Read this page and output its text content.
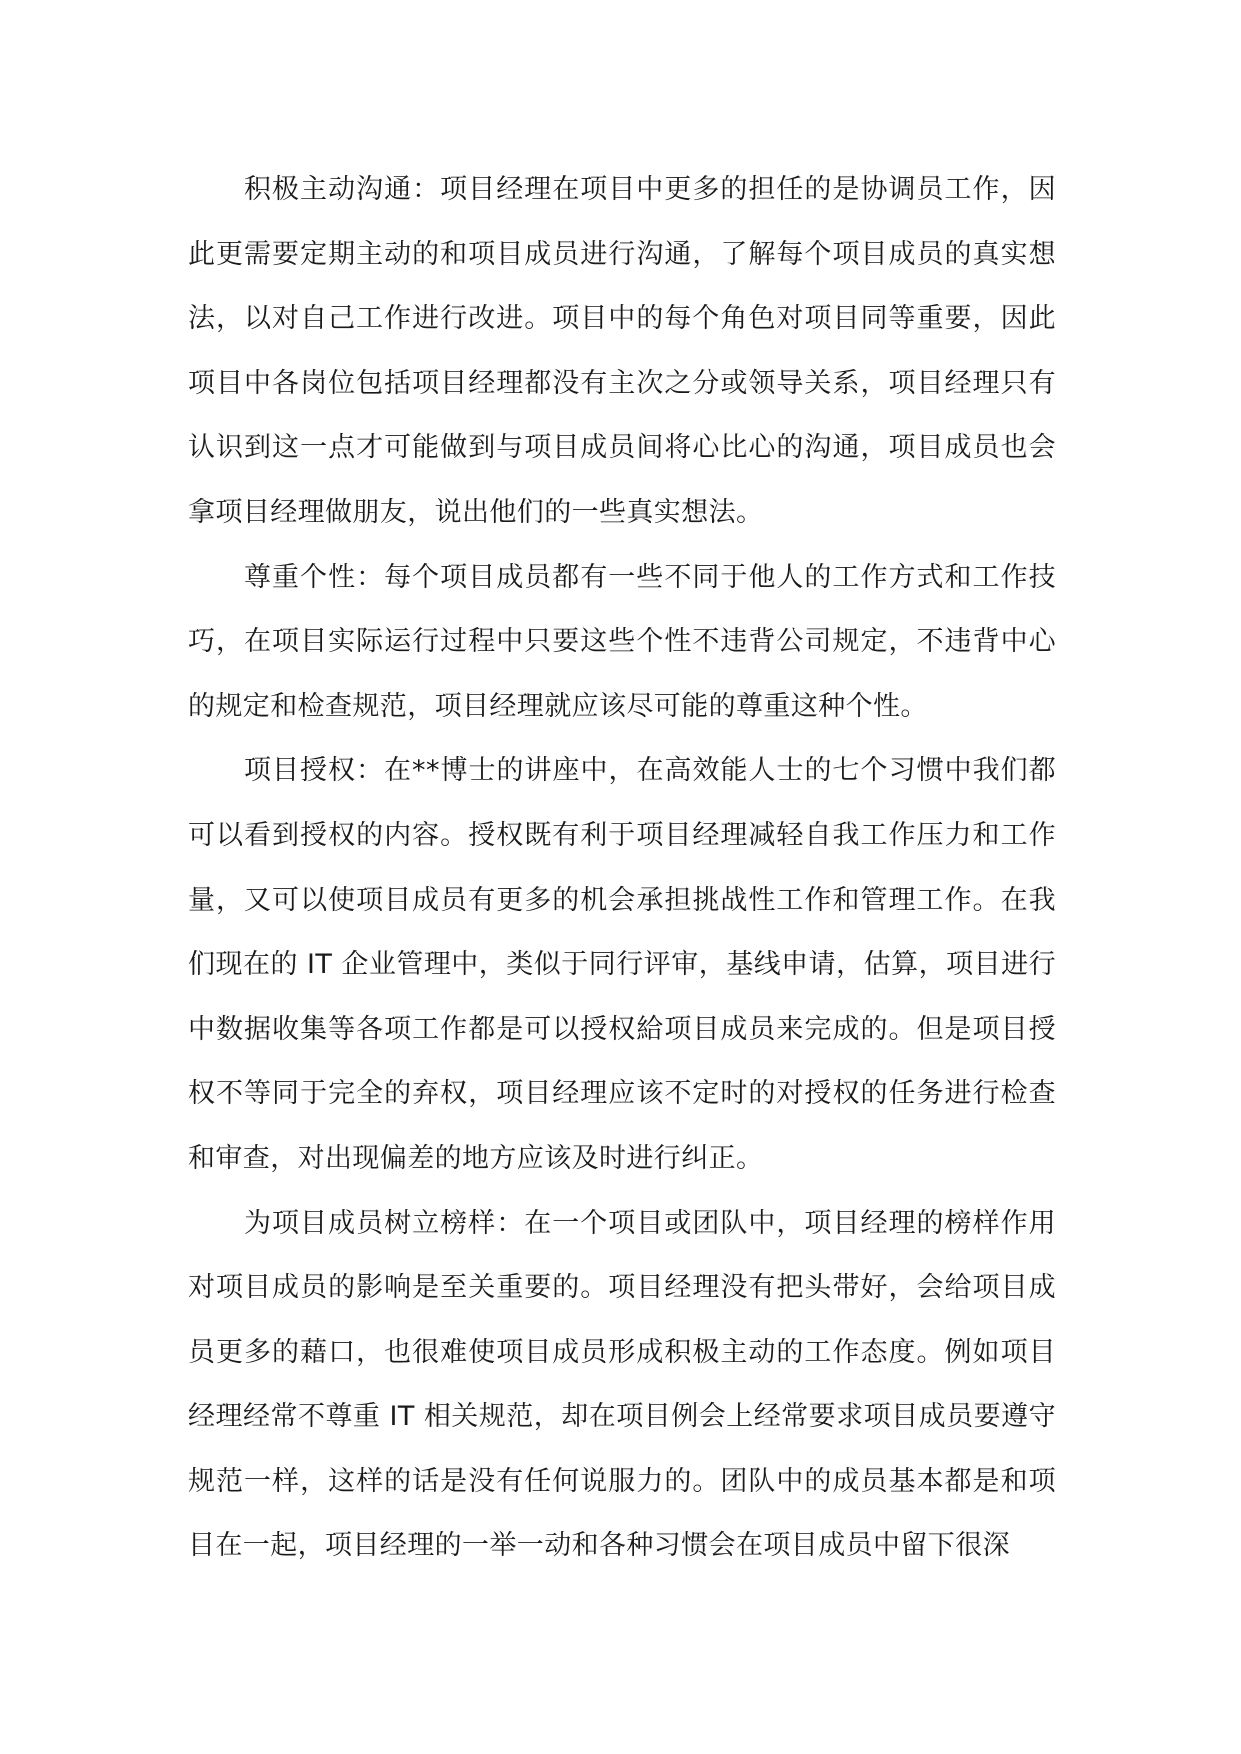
积极主动沟通：项目经理在项目中更多的担任的是协调员工作，因此更需要定期主动的和项目成员进行沟通，了解每个项目成员的真实想法，以对自己工作进行改进。项目中的每个角色对项目同等重要，因此项目中各岗位包括项目经理都没有主次之分或领导关系，项目经理只有认识到这一点才可能做到与项目成员间将心比心的沟通，项目成员也会拿项目经理做朋友，说出他们的一些真实想法。

尊重个性：每个项目成员都有一些不同于他人的工作方式和工作技巧，在项目实际运行过程中只要这些个性不违背公司规定，不违背中心的规定和检查规范，项目经理就应该尽可能的尊重这种个性。

项目授权：在**博士的讲座中，在高效能人士的七个习惯中我们都可以看到授权的内容。授权既有利于项目经理减轻自我工作压力和工作量，又可以使项目成员有更多的机会承担挑战性工作和管理工作。在我们现在的 IT 企业管理中，类似于同行评审，基线申请，估算，项目进行中数据收集等各项工作都是可以授权給项目成员来完成的。但是项目授权不等同于完全的弃权，项目经理应该不定时的对授权的任务进行检查和审查，对出现偏差的地方应该及时进行纠正。

为项目成员树立榜样：在一个项目或团队中，项目经理的榜样作用对项目成员的影响是至关重要的。项目经理没有把头带好，会给项目成员更多的藉口，也很难使项目成员形成积极主动的工作态度。例如项目经理经常不尊重 IT 相关规范，却在项目例会上经常要求项目成员要遵守规范一样，这样的话是没有任何说服力的。团队中的成员基本都是和项目在一起，项目经理的一举一动和各种习惯会在项目成员中留下很深
